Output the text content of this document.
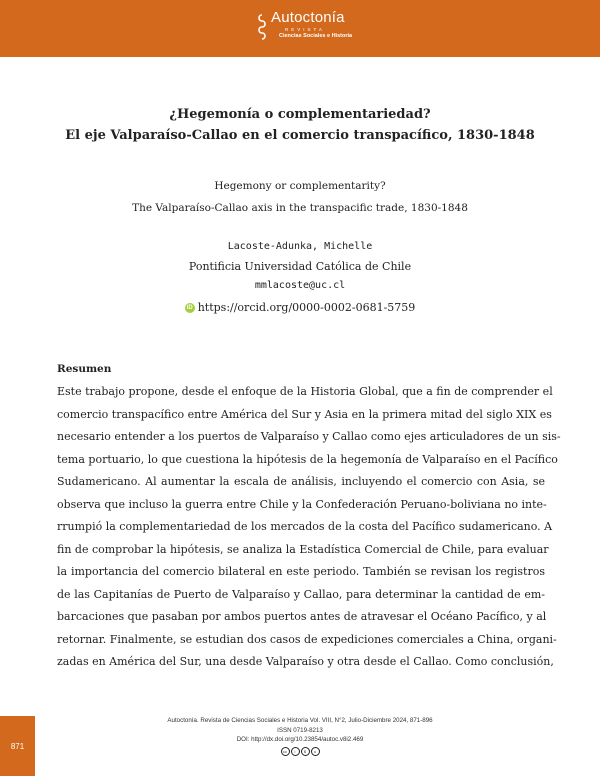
Autoctonía
REVISTA
Ciencias Sociales e Historia
¿Hegemonía o complementariedad?
El eje Valparaíso-Callao en el comercio transpacífico, 1830-1848
Hegemony or complementarity?
The Valparaíso-Callao axis in the transpacific trade, 1830-1848
Lacoste-Adunka, Michelle
Pontificia Universidad Católica de Chile
mmlacoste@uc.cl
iD https://orcid.org/0000-0002-0681-5759
Resumen
Este trabajo propone, desde el enfoque de la Historia Global, que a fin de comprender el
comercio transpacífico entre América del Sur y Asia en la primera mitad del siglo XIX es
necesario entender a los puertos de Valparaíso y Callao como ejes articuladores de un sis-
tema portuario, lo que cuestiona la hipótesis de la hegemonía de Valparaíso en el Pacífico
Sudamericano. Al aumentar la escala de análisis, incluyendo el comercio con Asia, se
observa que incluso la guerra entre Chile y la Confederación Peruano-boliviana no inte-
rrumpió la complementariedad de los mercados de la costa del Pacífico sudamericano. A
fin de comprobar la hipótesis, se analiza la Estadística Comercial de Chile, para evaluar
la importancia del comercio bilateral en este periodo. También se revisan los registros
de las Capitanías de Puerto de Valparaíso y Callao, para determinar la cantidad de em-
barcaciones que pasaban por ambos puertos antes de atravesar el Océano Pacífico, y al
retornar. Finalmente, se estudian dos casos de expediciones comerciales a China, organi-
zadas en América del Sur, una desde Valparaíso y otra desde el Callao. Como conclusión,
Autoctonía. Revista de Ciencias Sociales e Historia Vol. VIII, N°2, Julio-Diciembre 2024, 871-896
ISSN 0719-8213
DOI: http://dx.doi.org/10.23854/autoc.v8i2.469
cc	i	$	o
871
